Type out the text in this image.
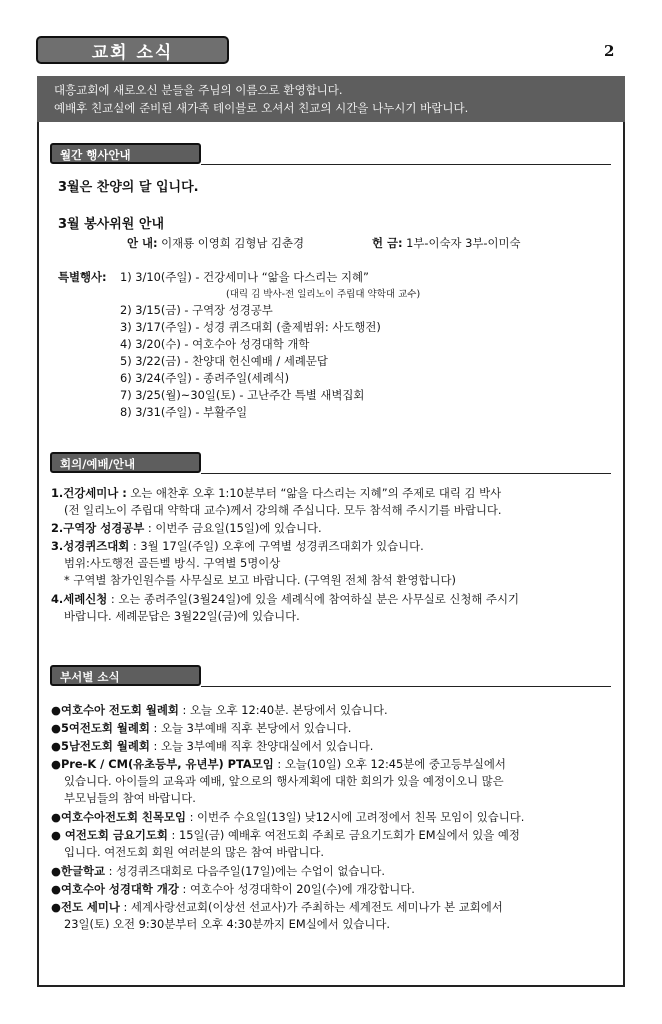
교회 소식	2
대흥교회에 새로오신 분들을 주님의 이름으로 환영합니다.
예배후 친교실에 준비된 새가족 테이블로 오셔서 친교의 시간을 나누시기 바랍니다.
월간 행사안내
3월은 찬양의 달 입니다.
3월 봉사위원 안내
안 내: 이재룡 이영희 김형남 김춘경	헌 금: 1부-이숙자 3부-이미숙
특별행사: 1) 3/10(주일) - 건강세미나 “앎을 다스리는 지혜”
(대릭 김 박사-전 일리노이 주립대 약학대 교수)
2) 3/15(금) - 구역장 성경공부
3) 3/17(주일) - 성경 퀴즈대회 (출제범위: 사도행전)
4) 3/20(수) - 여호수아 성경대학 개학
5) 3/22(금) - 찬양대 헌신예배 / 세례문답
6) 3/24(주일) - 종려주일(세례식)
7) 3/25(월)~30일(토) - 고난주간 특별 새벽집회
8) 3/31(주일) - 부활주일
회의/예배/안내
1.건강세미나 : 오는 애찬후 오후 1:10분부터 “앎을 다스리는 지혜”의 주제로 대릭 김 박사
(전 일리노이 주립대 약학대 교수)께서 강의해 주십니다. 모두 참석해 주시기를 바랍니다.
2.구역장 성경공부 : 이번주 금요일(15일)에 있습니다.
3.성경퀴즈대회 : 3월 17일(주일) 오후에 구역별 성경퀴즈대회가 있습니다.
범위:사도행전 골든벨 방식. 구역별 5명이상
* 구역별 참가인원수를 사무실로 보고 바랍니다. (구역원 전체 참석 환영합니다)
4.세례신청 : 오는 종려주일(3월24일)에 있을 세례식에 참여하실 분은 사무실로 신청해 주시기
바랍니다. 세례문답은 3월22일(금)에 있습니다.
부서별 소식
●여호수아 전도회 월례회 : 오늘 오후 12:40분. 본당에서 있습니다.
●5여전도회 월례회 : 오늘 3부예배 직후 본당에서 있습니다.
●5남전도회 월례회 : 오늘 3부예배 직후 찬양대실에서 있습니다.
●Pre-K / CM(유초등부, 유년부) PTA모임 : 오늘(10일) 오후 12:45분에 중고등부실에서
있습니다. 아이들의 교육과 예배, 앞으로의 행사계획에 대한 회의가 있을 예정이오니 많은
부모님들의 참여 바랍니다.
●여호수아전도회 친목모임 : 이번주 수요일(13일) 낮12시에 고려정에서 친목 모임이 있습니다.
● 여전도회 금요기도회 : 15일(금) 예배후 여전도회 주최로 금요기도회가 EM실에서 있을 예정
입니다. 여전도회 회원 여러분의 많은 참여 바랍니다.
●한글학교 : 성경퀴즈대회로 다음주일(17일)에는 수업이 없습니다.
●여호수아 성경대학 개강 : 여호수아 성경대학이 20일(수)에 개강합니다.
●전도 세미나 : 세계사랑선교회(이상선 선교사)가 주최하는 세계전도 세미나가 본 교회에서
23일(토) 오전 9:30분부터 오후 4:30분까지 EM실에서 있습니다.
